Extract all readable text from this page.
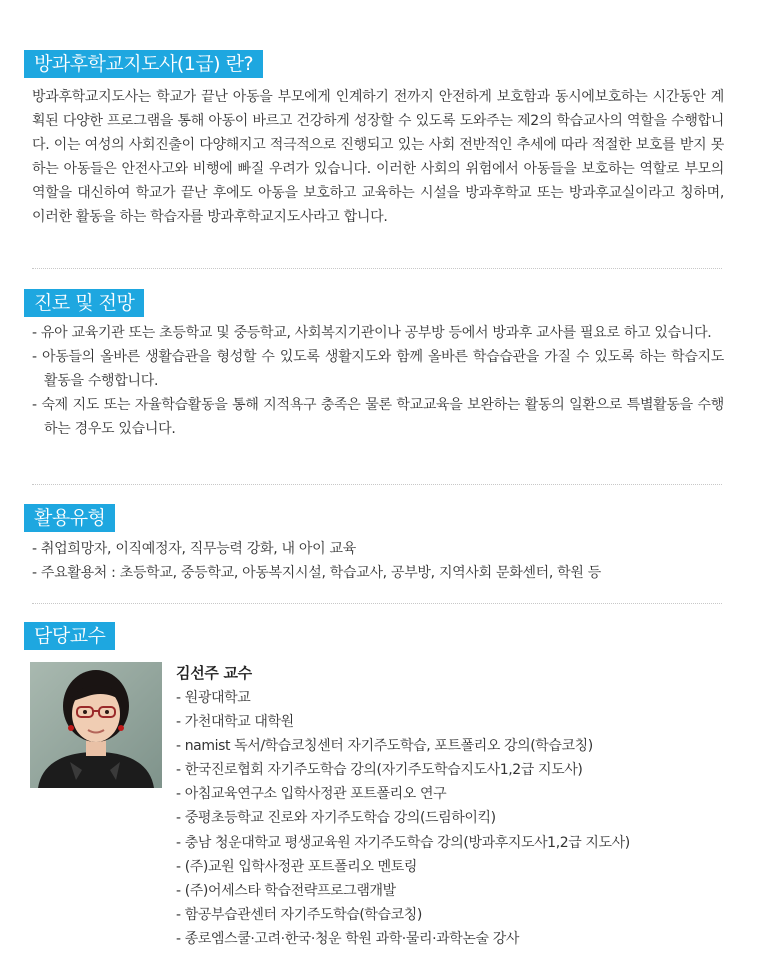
방과후학교지도사(1급) 란?

방과후학교지도사는 학교가 끝난 아동을 부모에게 인계하기 전까지 안전하게 보호함과 동시에보호하는 시간동안 계획된 다양한 프로그램을 통해 아동이 바르고 건강하게 성장할 수 있도록 도와주는 제2의 학습교사의 역할을 수행합니다. 이는 여성의 사회진출이 다양해지고 적극적으로 진행되고 있는 사회 전반적인 추세에 따라 적절한 보호를 받지 못하는 아동들은 안전사고와 비행에 빠질 우려가 있습니다. 이러한 사회의 위험에서 아동들을 보호하는 역할로 부모의 역할을 대신하여 학교가 끝난 후에도 아동을 보호하고 교육하는 시설을 방과후학교 또는 방과후교실이라고 칭하며, 이러한 활동을 하는 학습자를 방과후학교지도사라고 합니다.

진로 및 전망
- 유아 교육기관 또는 초등학교 및 중등학교, 사회복지기관이나 공부방 등에서 방과후 교사를 필요로 하고 있습니다.
- 아동들의 올바른 생활습관을 형성할 수 있도록 생활지도와 함께 올바른 학습습관을 가질 수 있도록 하는 학습지도 활동을 수행합니다.
- 숙제 지도 또는 자율학습활동을 통해 지적욕구 충족은 물론 학교교육을 보완하는 활동의 일환으로 특별활동을 수행하는 경우도 있습니다.
활용유형
- 취업희망자, 이직예정자, 직무능력 강화, 내 아이 교육
- 주요활용처 : 초등학교, 중등학교, 아동복지시설, 학습교사, 공부방, 지역사회 문화센터, 학원 등
담당교수
김선주 교수
- 원광대학교
- 가천대학교 대학원
- namist 독서/학습코칭센터 자기주도학습, 포트폴리오 강의(학습코칭)
- 한국진로협회 자기주도학습 강의(자기주도학습지도사1,2급 지도사)
- 아침교육연구소 입학사정관 포트폴리오 연구
- 중평초등학교 진로와 자기주도학습 강의(드림하이킥)
- 충남 청운대학교 평생교육원 자기주도학습 강의(방과후지도사1,2급 지도사)
- (주)교원 입학사정관 포트폴리오 멘토링
- (주)어세스타 학습전략프로그램개발
- 함공부습관센터 자기주도학습(학습코칭)
- 종로엠스쿨·고려·한국·청운 학원 과학·물리·과학논술 강사
